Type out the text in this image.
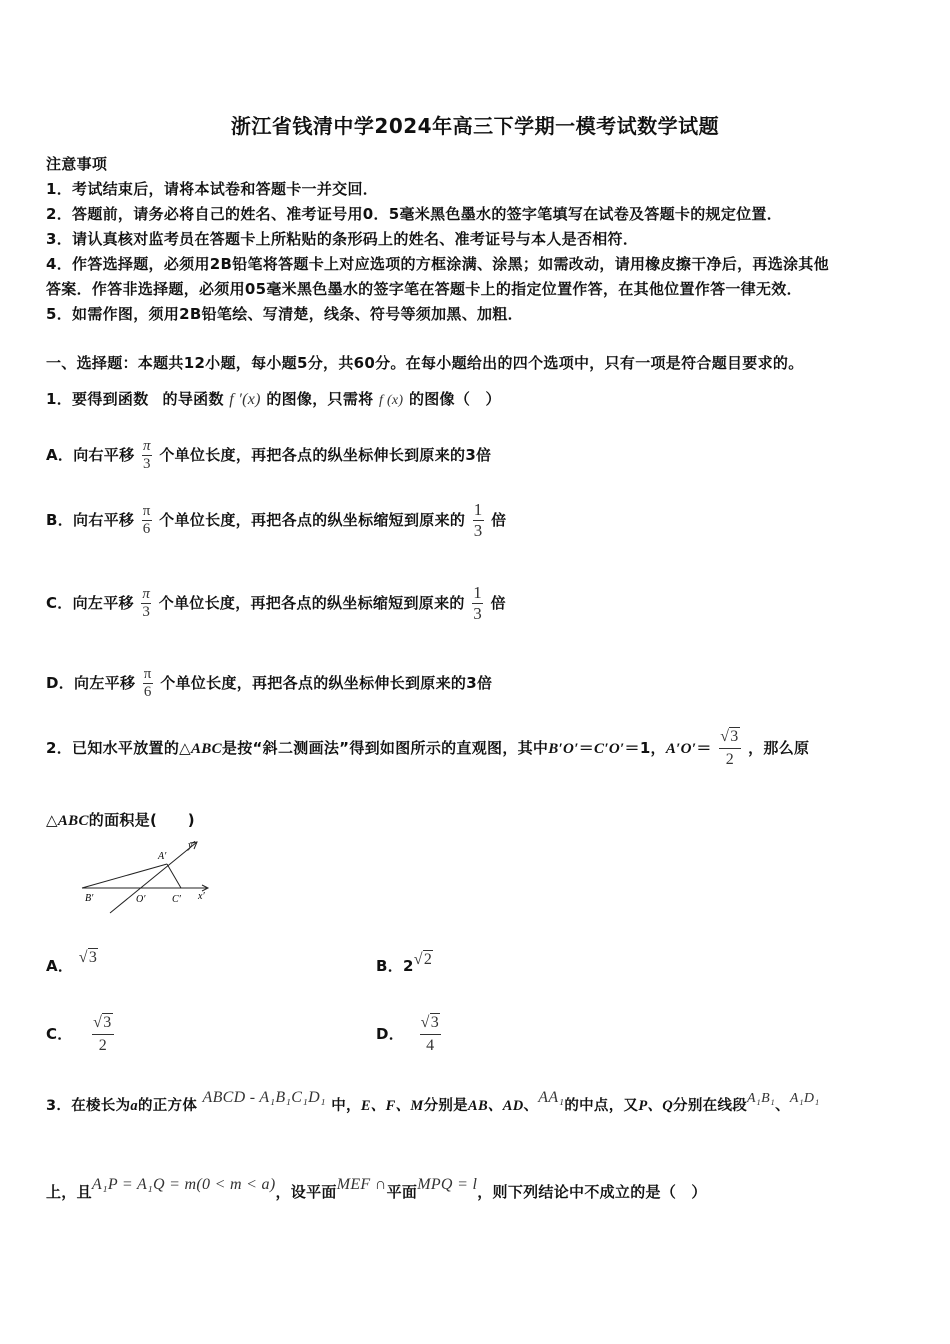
浙江省钱清中学2024年高三下学期一模考试数学试题
注意事项
1．考试结束后，请将本试卷和答题卡一并交回．
2．答题前，请务必将自己的姓名、准考证号用0．5毫米黑色墨水的签字笔填写在试卷及答题卡的规定位置．
3．请认真核对监考员在答题卡上所粘贴的条形码上的姓名、准考证号与本人是否相符．
4．作答选择题，必须用2B铅笔将答题卡上对应选项的方框涂满、涂黑；如需改动，请用橡皮擦干净后，再选涂其他
答案．作答非选择题，必须用05毫米黑色墨水的签字笔在答题卡上的指定位置作答，在其他位置作答一律无效．
5．如需作图，须用2B铅笔绘、写清楚，线条、符号等须加黑、加粗．
一、选择题：本题共12小题，每小题5分，共60分。在每小题给出的四个选项中，只有一项是符合题目要求的。
1．要得到函数 的导函数 f ′(x) 的图像，只需将 f (x) 的图像（　）
A．向右平移 $\frac{\pi}{3}$ 个单位长度，再把各点的纵坐标伸长到原来的3倍
B．向右平移 $\frac{\pi}{6}$ 个单位长度，再把各点的纵坐标缩短到原来的 $\frac{1}{3}$ 倍
C．向左平移 $\frac{\pi}{3}$ 个单位长度，再把各点的纵坐标缩短到原来的 $\frac{1}{3}$ 倍
D．向左平移 $\frac{\pi}{6}$ 个单位长度，再把各点的纵坐标伸长到原来的3倍
2．已知水平放置的△ABC是按“斜二测画法”得到如图所示的直观图，其中B′O′＝C′O′＝1，$A'O'= \frac{√3}{2}$ ，那么原
△ABC的面积是(　　)
A′
y′
B′	O′	C′ x′
A． √3	B．2√2
C． $\frac{√3}{2}$	D． $\frac{√3}{4}$
3．在棱长为a的正方体 ABCD - A₁B₁C₁D₁ 中，E、F、M分别是AB、AD、AA₁的中点，又P、Q分别在线段A₁B₁、A₁D₁
上，且A₁P = A₁Q = m(0 < m < a)，设平面MEF ∩平面MPQ = l，则下列结论中不成立的是（　）
